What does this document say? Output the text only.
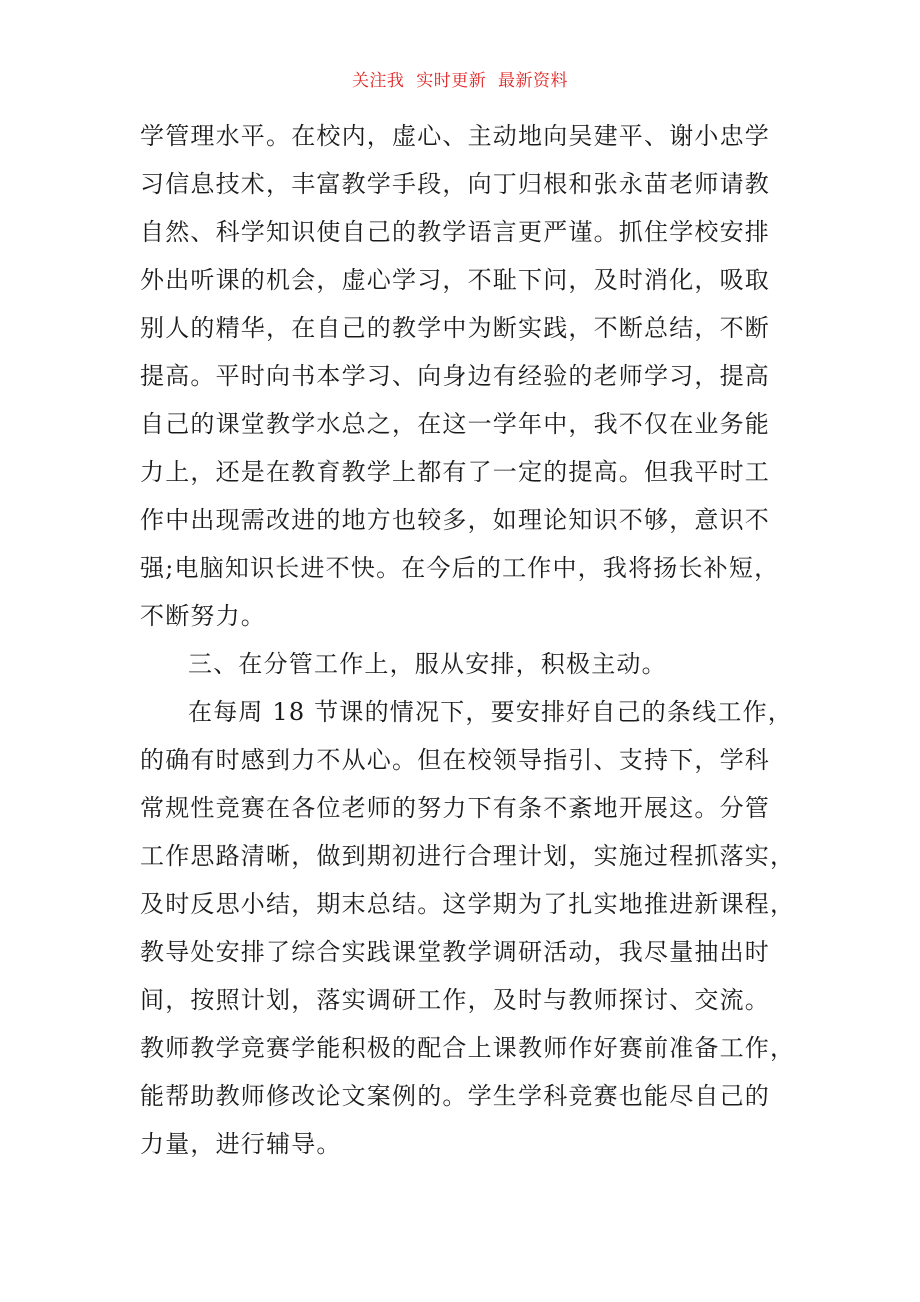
关注我  实时更新  最新资料
学管理水平。在校内，虚心、主动地向吴建平、谢小忠学
习信息技术，丰富教学手段，向丁归根和张永苗老师请教
自然、科学知识使自己的教学语言更严谨。抓住学校安排
外出听课的机会，虚心学习，不耻下问，及时消化，吸取
别人的精华，在自己的教学中为断实践，不断总结，不断
提高。平时向书本学习、向身边有经验的老师学习，提高
自己的课堂教学水总之，在这一学年中，我不仅在业务能
力上，还是在教育教学上都有了一定的提高。但我平时工
作中出现需改进的地方也较多，如理论知识不够，意识不
强;电脑知识长进不快。在今后的工作中，我将扬长补短，
不断努力。
三、在分管工作上，服从安排，积极主动。
在每周 18 节课的情况下，要安排好自己的条线工作，
的确有时感到力不从心。但在校领导指引、支持下，学科
常规性竞赛在各位老师的努力下有条不紊地开展这。分管
工作思路清晰，做到期初进行合理计划，实施过程抓落实，
及时反思小结，期末总结。这学期为了扎实地推进新课程，
教导处安排了综合实践课堂教学调研活动，我尽量抽出时
间，按照计划，落实调研工作，及时与教师探讨、交流。
教师教学竞赛学能积极的配合上课教师作好赛前准备工作，
能帮助教师修改论文案例的。学生学科竞赛也能尽自己的
力量，进行辅导。
